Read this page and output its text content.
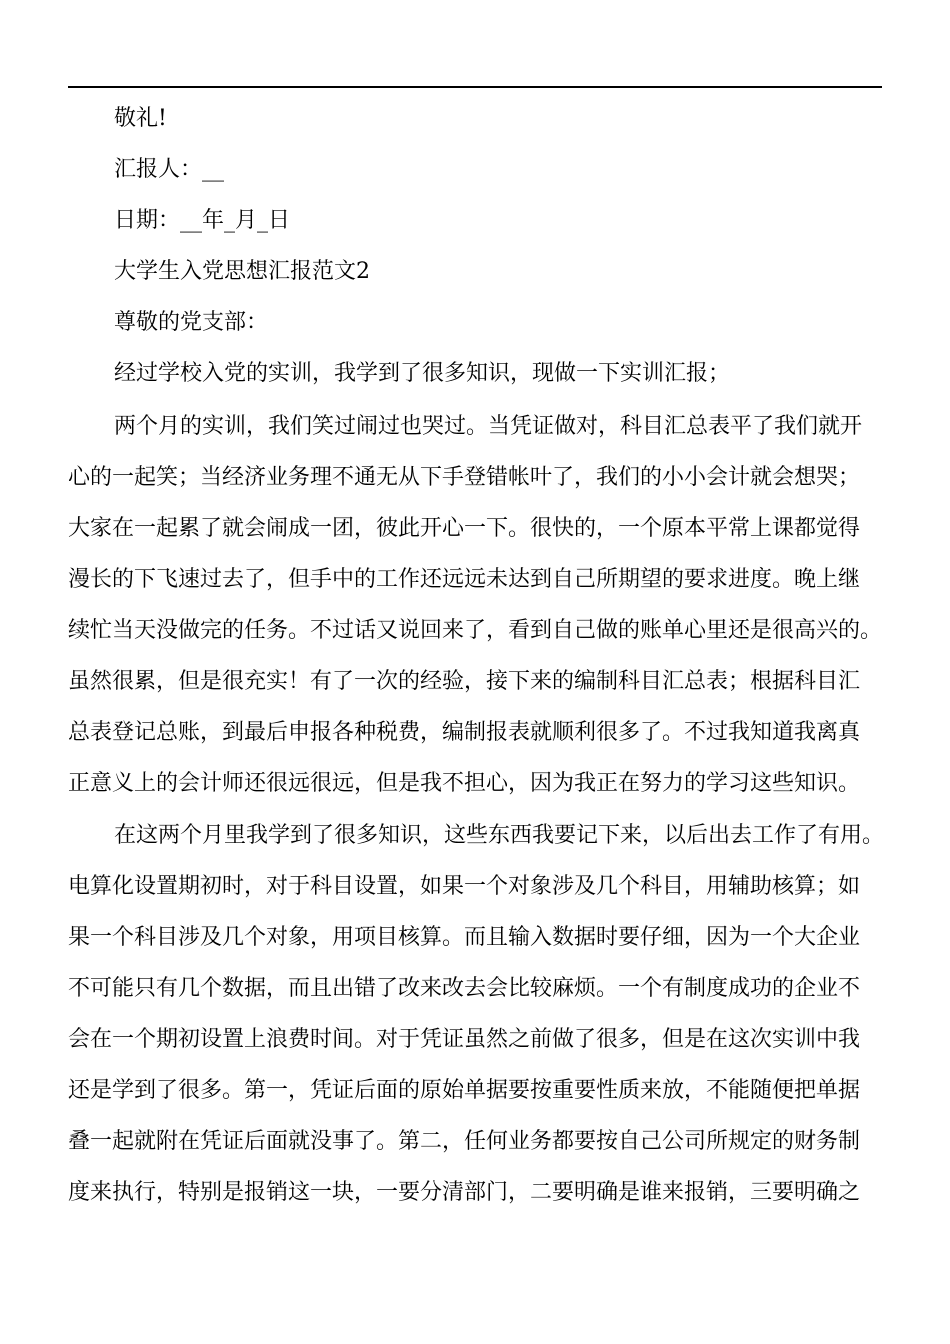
敬礼!
汇报人：__
日期：__年_月_日
大学生入党思想汇报范文2
尊敬的党支部：
经过学校入党的实训，我学到了很多知识，现做一下实训汇报；
两个月的实训，我们笑过闹过也哭过。当凭证做对，科目汇总表平了我们就开
心的一起笑；当经济业务理不通无从下手登错帐叶了，我们的小小会计就会想哭；
大家在一起累了就会闹成一团，彼此开心一下。很快的，一个原本平常上课都觉得
漫长的下飞速过去了，但手中的工作还远远未达到自己所期望的要求进度。晚上继
续忙当天没做完的任务。不过话又说回来了，看到自己做的账单心里还是很高兴的。
虽然很累，但是很充实！有了一次的经验，接下来的编制科目汇总表；根据科目汇
总表登记总账，到最后申报各种税费，编制报表就顺利很多了。不过我知道我离真
正意义上的会计师还很远很远，但是我不担心，因为我正在努力的学习这些知识。
在这两个月里我学到了很多知识，这些东西我要记下来，以后出去工作了有用。
电算化设置期初时，对于科目设置，如果一个对象涉及几个科目，用辅助核算；如
果一个科目涉及几个对象，用项目核算。而且输入数据时要仔细，因为一个大企业
不可能只有几个数据，而且出错了改来改去会比较麻烦。一个有制度成功的企业不
会在一个期初设置上浪费时间。对于凭证虽然之前做了很多，但是在这次实训中我
还是学到了很多。第一，凭证后面的原始单据要按重要性质来放，不能随便把单据
叠一起就附在凭证后面就没事了。第二，任何业务都要按自己公司所规定的财务制
度来执行，特别是报销这一块，一要分清部门，二要明确是谁来报销，三要明确之
